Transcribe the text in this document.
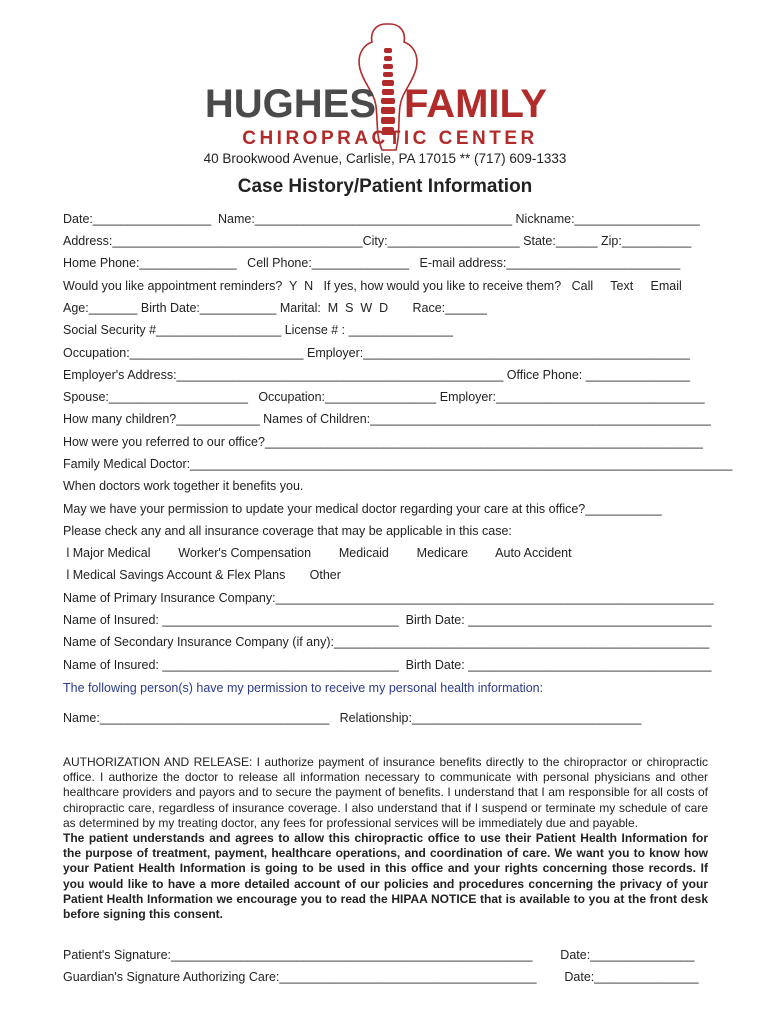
HUGHES FAMILY
CHIROPRACTIC CENTER
40 Brookwood Avenue, Carlisle, PA 17015 ** (717) 609-1333
Case History/Patient Information
Date:_________________  Name:_____________________________________ Nickname:__________________
Address:____________________________________City:___________________ State:______ Zip:__________
Home Phone:______________   Cell Phone:______________   E-mail address:_________________________
Would you like appointment reminders?  Y  N   If yes, how would you like to receive them?   Call     Text     Email
Age:_______ Birth Date:___________ Marital:  M  S  W  D       Race:______
Social Security #__________________ License # : _______________
Occupation:_________________________ Employer:_______________________________________________
Employer's Address:_______________________________________________ Office Phone: _______________
Spouse:____________________   Occupation:________________ Employer:______________________________
How many children?____________ Names of Children:_________________________________________________
How were you referred to our office?_______________________________________________________________
Family Medical Doctor:______________________________________________________________________________
When doctors work together it benefits you.
May we have your permission to update your medical doctor regarding your care at this office?___________
Please check any and all insurance coverage that may be applicable in this case:
l Major Medical        Worker's Compensation        Medicaid        Medicare        Auto Accident
l Medical Savings Account & Flex Plans       Other
Name of Primary Insurance Company:_______________________________________________________________
Name of Insured: __________________________________  Birth Date: ___________________________________
Name of Secondary Insurance Company (if any):______________________________________________________
Name of Insured: __________________________________  Birth Date: ___________________________________
The following person(s) have my permission to receive my personal health information:
Name:_________________________________   Relationship:_________________________________
AUTHORIZATION AND RELEASE: I authorize payment of insurance benefits directly to the chiropractor or chiropractic office. I authorize the doctor to release all information necessary to communicate with personal physicians and other healthcare providers and payors and to secure the payment of benefits. I understand that I am responsible for all costs of chiropractic care, regardless of insurance coverage. I also understand that if I suspend or terminate my schedule of care as determined by my treating doctor, any fees for professional services will be immediately due and payable.
The patient understands and agrees to allow this chiropractic office to use their Patient Health Information for the purpose of treatment, payment, healthcare operations, and coordination of care. We want you to know how your Patient Health Information is going to be used in this office and your rights concerning those records. If you would like to have a more detailed account of our policies and procedures concerning the privacy of your Patient Health Information we encourage you to read the HIPAA NOTICE that is available to you at the front desk before signing this consent.
Patient's Signature:____________________________________________________        Date:_______________
Guardian's Signature Authorizing Care:_____________________________________        Date:_______________
